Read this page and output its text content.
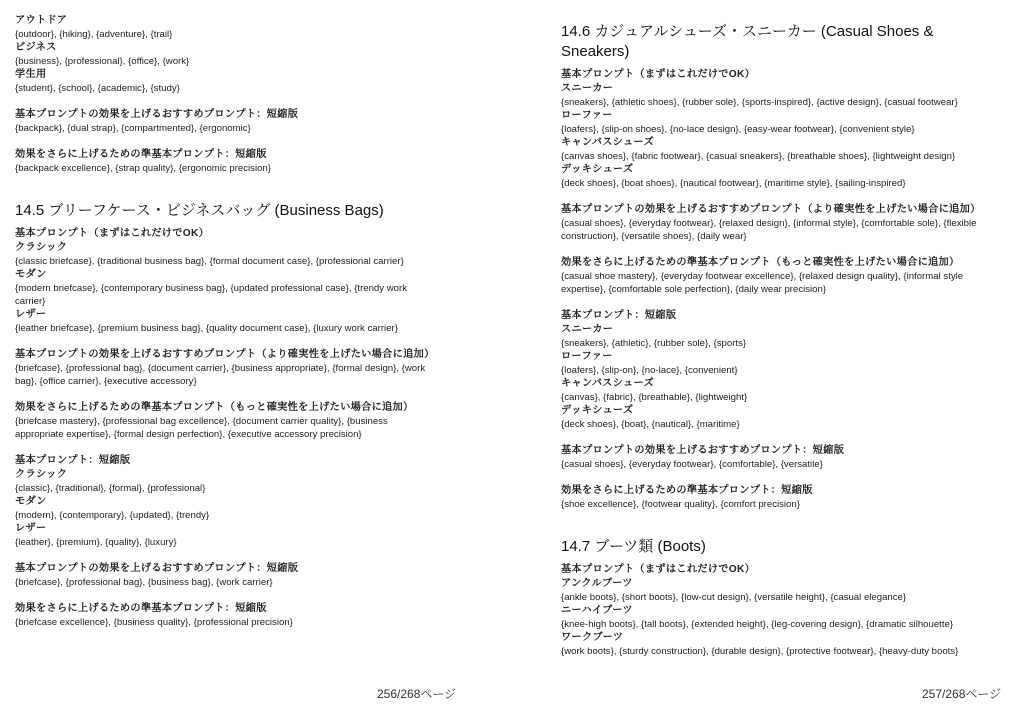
アウトドア
{outdoor}, {hiking}, {adventure}, {trail}
ビジネス
{business}, {professional}, {office}, {work}
学生用
{student}, {school}, {academic}, {study}
基本プロンプトの効果を上げるおすすめプロンプト：短縮版
{backpack}, {dual strap}, {compartmented}, {ergonomic}
効果をさらに上げるための準基本プロンプト：短縮版
{backpack excellence}, {strap quality}, {ergonomic precision}
14.5 ブリーフケース・ビジネスバッグ (Business Bags)
基本プロンプト（まずはこれだけでOK）
クラシック
{classic briefcase}, {traditional business bag}, {formal document case}, {professional carrier}
モダン
{modern briefcase}, {contemporary business bag}, {updated professional case}, {trendy work carrier}
レザー
{leather briefcase}, {premium business bag}, {quality document case}, {luxury work carrier}
基本プロンプトの効果を上げるおすすめプロンプト（より確実性を上げたい場合に追加）
{briefcase}, {professional bag}, {document carrier}, {business appropriate}, {formal design}, {work bag}, {office carrier}, {executive accessory}
効果をさらに上げるための準基本プロンプト（もっと確実性を上げたい場合に追加）
{briefcase mastery}, {professional bag excellence}, {document carrier quality}, {business appropriate expertise}, {formal design perfection}, {executive accessory precision}
基本プロンプト：短縮版
クラシック
{classic}, {traditional}, {formal}, {professional}
モダン
{modern}, {contemporary}, {updated}, {trendy}
レザー
{leather}, {premium}, {quality}, {luxury}
基本プロンプトの効果を上げるおすすめプロンプト：短縮版
{briefcase}, {professional bag}, {business bag}, {work carrier}
効果をさらに上げるための準基本プロンプト：短縮版
{briefcase excellence}, {business quality}, {professional precision}
256/268ページ
14.6 カジュアルシューズ・スニーカー (Casual Shoes & Sneakers)
基本プロンプト（まずはこれだけでOK）
スニーカー
{sneakers}, {athletic shoes}, {rubber sole}, {sports-inspired}, {active design}, {casual footwear}
ローファー
{loafers}, {slip-on shoes}, {no-lace design}, {easy-wear footwear}, {convenient style}
キャンバスシューズ
{canvas shoes}, {fabric footwear}, {casual sneakers}, {breathable shoes}, {lightweight design}
デッキシューズ
{deck shoes}, {boat shoes}, {nautical footwear}, {maritime style}, {sailing-inspired}
基本プロンプトの効果を上げるおすすめプロンプト（より確実性を上げたい場合に追加）
{casual shoes}, {everyday footwear}, {relaxed design}, {informal style}, {comfortable sole}, {flexible construction}, {versatile shoes}, {daily wear}
効果をさらに上げるための準基本プロンプト（もっと確実性を上げたい場合に追加）
{casual shoe mastery}, {everyday footwear excellence}, {relaxed design quality}, {informal style expertise}, {comfortable sole perfection}, {daily wear precision}
基本プロンプト：短縮版
スニーカー
{sneakers}, {athletic}, {rubber sole}, {sports}
ローファー
{loafers}, {slip-on}, {no-lace}, {convenient}
キャンバスシューズ
{canvas}, {fabric}, {breathable}, {lightweight}
デッキシューズ
{deck shoes}, {boat}, {nautical}, {maritime}
基本プロンプトの効果を上げるおすすめプロンプト：短縮版
{casual shoes}, {everyday footwear}, {comfortable}, {versatile}
効果をさらに上げるための準基本プロンプト：短縮版
{shoe excellence}, {footwear quality}, {comfort precision}
14.7 ブーツ類 (Boots)
基本プロンプト（まずはこれだけでOK）
アンクルブーツ
{ankle boots}, {short boots}, {low-cut design}, {versatile height}, {casual elegance}
ニーハイブーツ
{knee-high boots}, {tall boots}, {extended height}, {leg-covering design}, {dramatic silhouette}
ワークブーツ
{work boots}, {sturdy construction}, {durable design}, {protective footwear}, {heavy-duty boots}
257/268ページ
